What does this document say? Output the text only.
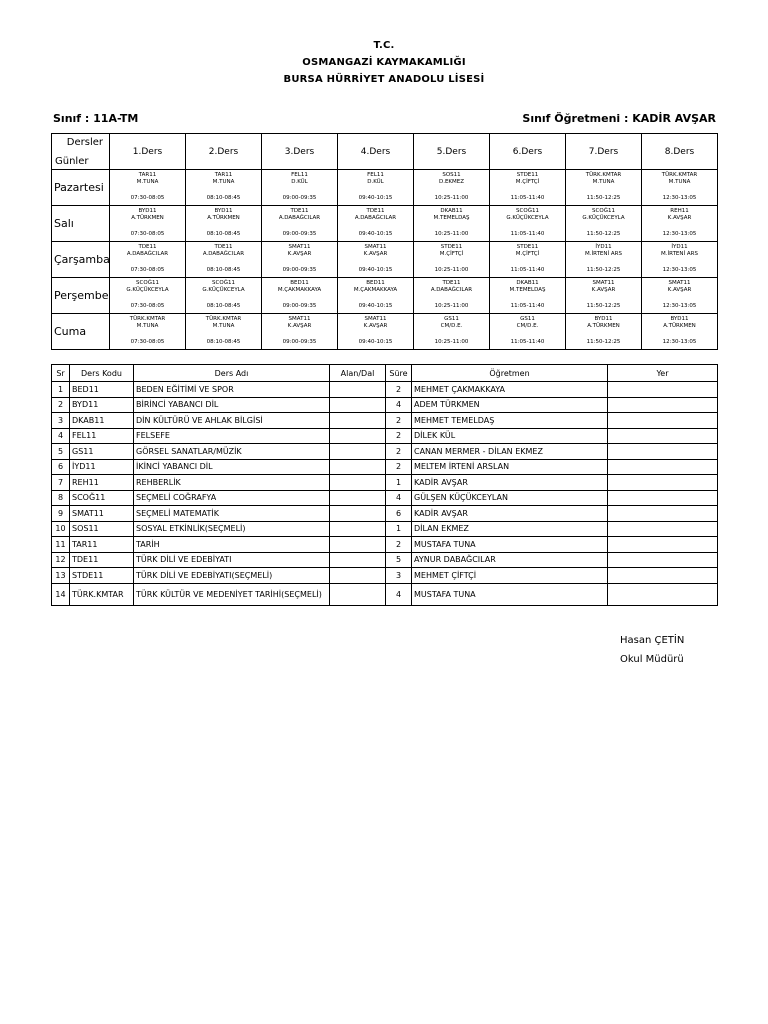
T.C.
OSMANGAZİ KAYMAKAMLIĞI
BURSA HÜRRİYET ANADOLU LİSESİ
Sınıf : 11A-TM	Sınıf Öğretmeni : KADİR AVŞAR
Dersler
Günler	1.Ders	2.Ders	3.Ders	4.Ders	5.Ders	6.Ders	7.Ders	8.Ders
Pazartesi	TAR11
M.TUNA
07:30-08:05	TAR11
M.TUNA
08:10-08:45	FEL11
D.KÜL
09:00-09:35	FEL11
D.KÜL
09:40-10:15	SOS11
D.EKMEZ
10:25-11:00	STDE11
M.ÇİFTÇİ
11:05-11:40	TÜRK.KMTAR
M.TUNA
11:50-12:25	TÜRK.KMTAR
M.TUNA
12:30-13:05

Salı	BYD11
A.TÜRKMEN
07:30-08:05	BYD11
A.TÜRKMEN
08:10-08:45	TDE11
A.DABAĞCILAR
09:00-09:35	TDE11
A.DABAĞCILAR
09:40-10:15	DKAB11
M.TEMELDAŞ
10:25-11:00	SCOĞ11
G.KÜÇÜKCEYLA
11:05-11:40	SCOĞ11
G.KÜÇÜKCEYLA
11:50-12:25	REH11
K.AVŞAR
12:30-13:05

Çarşamba	TDE11
A.DABAĞCILAR
07:30-08:05	TDE11
A.DABAĞCILAR
08:10-08:45	SMAT11
K.AVŞAR
09:00-09:35	SMAT11
K.AVŞAR
09:40-10:15	STDE11
M.ÇİFTÇİ
10:25-11:00	STDE11
M.ÇİFTÇİ
11:05-11:40	İYD11
M.İRTENİ ARS
11:50-12:25	İYD11
M.İRTENİ ARS
12:30-13:05

Perşembe	SCOĞ11
G.KÜÇÜKCEYLA
07:30-08:05	SCOĞ11
G.KÜÇÜKCEYLA
08:10-08:45	BED11
M.ÇAKMAKKAYA
09:00-09:35	BED11
M.ÇAKMAKKAYA
09:40-10:15	TDE11
A.DABAĞCILAR
10:25-11:00	DKAB11
M.TEMELDAŞ
11:05-11:40	SMAT11
K.AVŞAR
11:50-12:25	SMAT11
K.AVŞAR
12:30-13:05

Cuma	TÜRK.KMTAR
M.TUNA
07:30-08:05	TÜRK.KMTAR
M.TUNA
08:10-08:45	SMAT11
K.AVŞAR
09:00-09:35	SMAT11
K.AVŞAR
09:40-10:15	GS11
CM/D.E.
10:25-11:00	GS11
CM/D.E.
11:05-11:40	BYD11
A.TÜRKMEN
11:50-12:25	BYD11
A.TÜRKMEN
12:30-13:05
Sr	Ders Kodu	Ders Adı	Alan/Dal	Süre	Öğretmen	Yer
1	BED11	BEDEN EĞİTİMİ VE SPOR		2	MEHMET ÇAKMAKKAYA	
2	BYD11	BİRİNCİ YABANCI DİL		4	ADEM TÜRKMEN	
3	DKAB11	DİN KÜLTÜRÜ VE AHLAK BİLGİSİ		2	MEHMET TEMELDAŞ	
4	FEL11	FELSEFE		2	DİLEK KÜL	
5	GS11	GÖRSEL SANATLAR/MÜZİK		2	CANAN MERMER - DİLAN EKMEZ	
6	İYD11	İKİNCİ YABANCI DİL		2	MELTEM İRTENİ ARSLAN	
7	REH11	REHBERLİK		1	KADİR AVŞAR	
8	SCOĞ11	SEÇMELİ COĞRAFYA		4	GÜLŞEN KÜÇÜKCEYLAN	
9	SMAT11	SEÇMELİ MATEMATİK		6	KADİR AVŞAR	
10	SOS11	SOSYAL ETKİNLİK(SEÇMELİ)		1	DİLAN EKMEZ	
11	TAR11	TARİH		2	MUSTAFA TUNA	
12	TDE11	TÜRK DİLİ VE EDEBİYATI		5	AYNUR DABAĞCILAR	
13	STDE11	TÜRK DİLİ VE EDEBİYATI(SEÇMELİ)		3	MEHMET ÇİFTÇİ	
14	TÜRK.KMTAR	TÜRK KÜLTÜR VE MEDENİYET TARİHİ(SEÇMELİ)		4	MUSTAFA TUNA	
Hasan ÇETİN
Okul Müdürü
